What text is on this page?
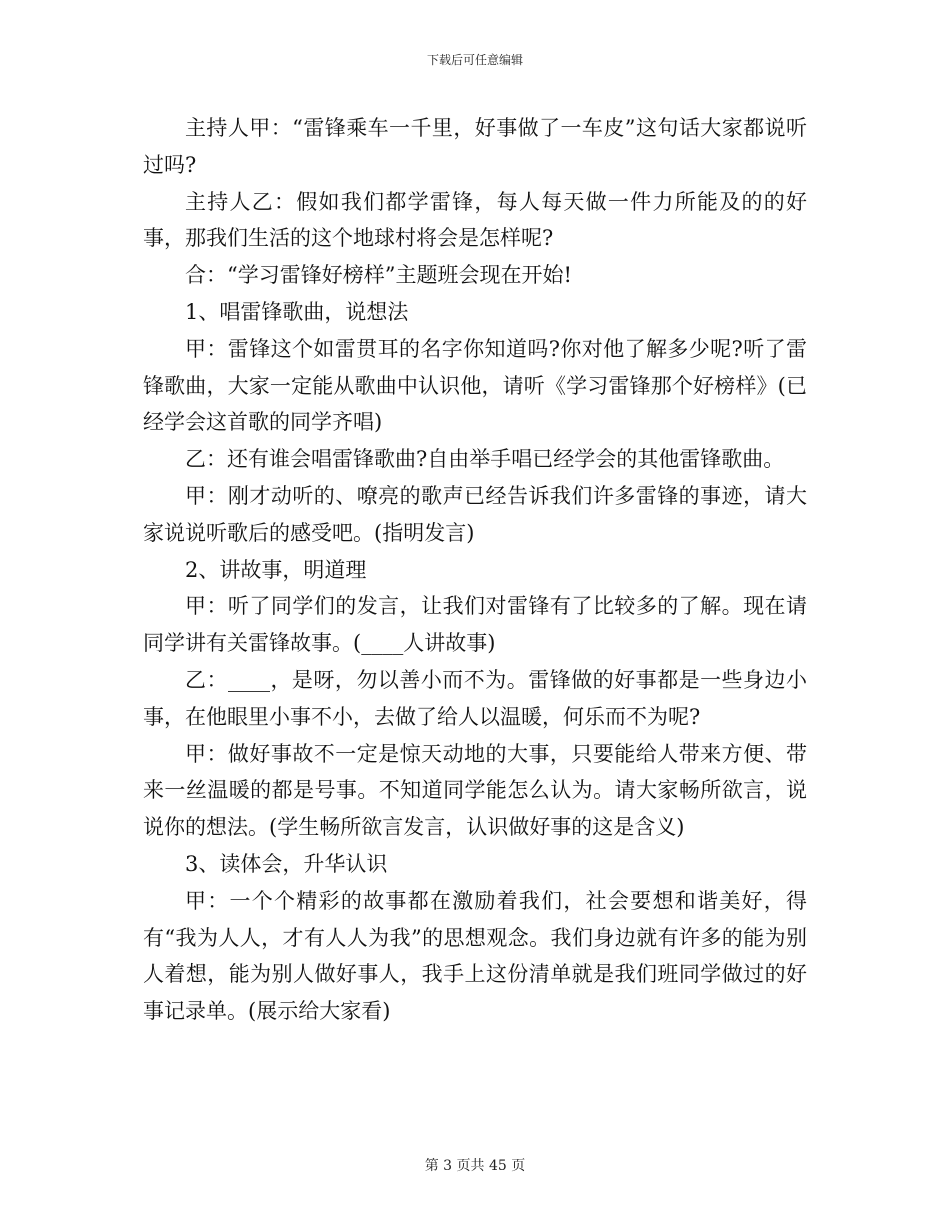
下载后可任意编辑

主持人甲：“雷锋乘车一千里，好事做了一车皮”这句话大家都说听过吗?

主持人乙：假如我们都学雷锋，每人每天做一件力所能及的的好事，那我们生活的这个地球村将会是怎样呢?

合：“学习雷锋好榜样”主题班会现在开始!

1、唱雷锋歌曲，说想法

甲：雷锋这个如雷贯耳的名字你知道吗?你对他了解多少呢?听了雷锋歌曲，大家一定能从歌曲中认识他，请听《学习雷锋那个好榜样》(已经学会这首歌的同学齐唱)

乙：还有谁会唱雷锋歌曲?自由举手唱已经学会的其他雷锋歌曲。

甲：刚才动听的、嘹亮的歌声已经告诉我们许多雷锋的事迹，请大家说说听歌后的感受吧。(指明发言)

2、讲故事，明道理

甲：听了同学们的发言，让我们对雷锋有了比较多的了解。现在请同学讲有关雷锋故事。(____人讲故事)

乙：____，是呀，勿以善小而不为。雷锋做的好事都是一些身边小事，在他眼里小事不小，去做了给人以温暖，何乐而不为呢?

甲：做好事故不一定是惊天动地的大事，只要能给人带来方便、带来一丝温暖的都是号事。不知道同学能怎么认为。请大家畅所欲言，说说你的想法。(学生畅所欲言发言，认识做好事的这是含义)

3、读体会，升华认识

甲：一个个精彩的故事都在激励着我们，社会要想和谐美好，得有“我为人人，才有人人为我”的思想观念。我们身边就有许多的能为别人着想，能为别人做好事人，我手上这份清单就是我们班同学做过的好事记录单。(展示给大家看)

第 3 页共 45 页
